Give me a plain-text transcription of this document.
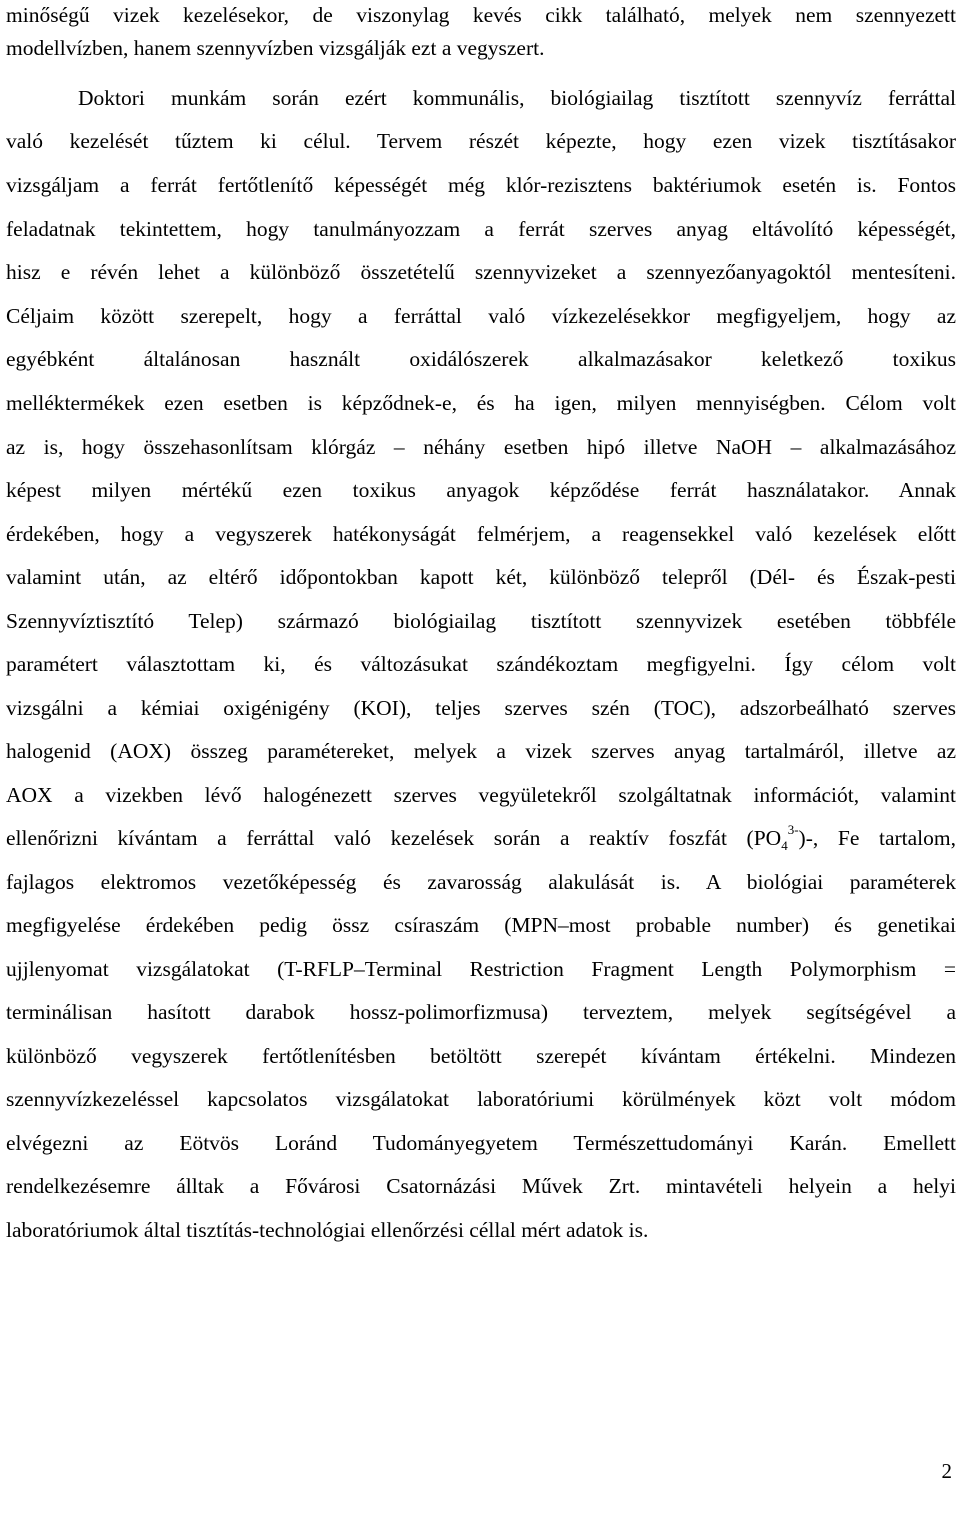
minőségű vizek kezelésekor, de viszonylag kevés cikk található, melyek nem szennyezett
modellvízben, hanem szennyvízben vizsgálják ezt a vegyszert.
Doktori munkám során ezért kommunális, biológiailag tisztított szennyvíz ferráttal
való kezelését tűztem ki célul. Tervem részét képezte, hogy ezen vizek tisztításakor
vizsgáljam a ferrát fertőtlenítő képességét még klór-rezisztens baktériumok esetén is. Fontos
feladatnak tekintettem, hogy tanulmányozzam a ferrát szerves anyag eltávolító képességét,
hisz e révén lehet a különböző összetételű szennyvizeket a szennyezőanyagoktól mentesíteni.
Céljaim között szerepelt, hogy a ferráttal való vízkezelésekkor megfigyeljem, hogy az
egyébként általánosan használt oxidálószerek alkalmazásakor keletkező toxikus
melléktermékek ezen esetben is képződnek-e, és ha igen, milyen mennyiségben. Célom volt
az is, hogy összehasonlítsam klórgáz – néhány esetben hipó illetve NaOH – alkalmazásához
képest milyen mértékű ezen toxikus anyagok képződése ferrát használatakor. Annak
érdekében, hogy a vegyszerek hatékonyságát felmérjem, a reagensekkel való kezelések előtt
valamint után, az eltérő időpontokban kapott két, különböző telepről (Dél- és Észak-pesti
Szennyvíztisztító Telep) származó biológiailag tisztított szennyvizek esetében többféle
paramétert választottam ki, és változásukat szándékoztam megfigyelni. Így célom volt
vizsgálni a kémiai oxigénigény (KOI), teljes szerves szén (TOC), adszorbeálható szerves
halogenid (AOX) összeg paramétereket, melyek a vizek szerves anyag tartalmáról, illetve az
AOX a vizekben lévő halogénezett szerves vegyületekről szolgáltatnak információt, valamint
ellenőrizni kívántam a ferráttal való kezelések során a reaktív foszfát $(PO_4^{3-})-$, Fe tartalom,
fajlagos elektromos vezetőképesség és zavarosság alakulását is. A biológiai paraméterek
megfigyelése érdekében pedig össz csíraszám (MPN–most probable number) és genetikai
ujjlenyomat vizsgálatokat (T-RFLP–Terminal Restriction Fragment Length Polymorphism =
terminálisan hasított darabok hossz-polimorfizmusa) terveztem, melyek segítségével a
különböző vegyszerek fertőtlenítésben betöltött szerepét kívántam értékelni. Mindezen
szennyvízkezeléssel kapcsolatos vizsgálatokat laboratóriumi körülmények közt volt módom
elvégezni az Eötvös Loránd Tudományegyetem Természettudományi Karán. Emellett
rendelkezésemre álltak a Fővárosi Csatornázási Művek Zrt. mintavételi helyein a helyi
laboratóriumok által tisztítás-technológiai ellenőrzési céllal mért adatok is.
2
